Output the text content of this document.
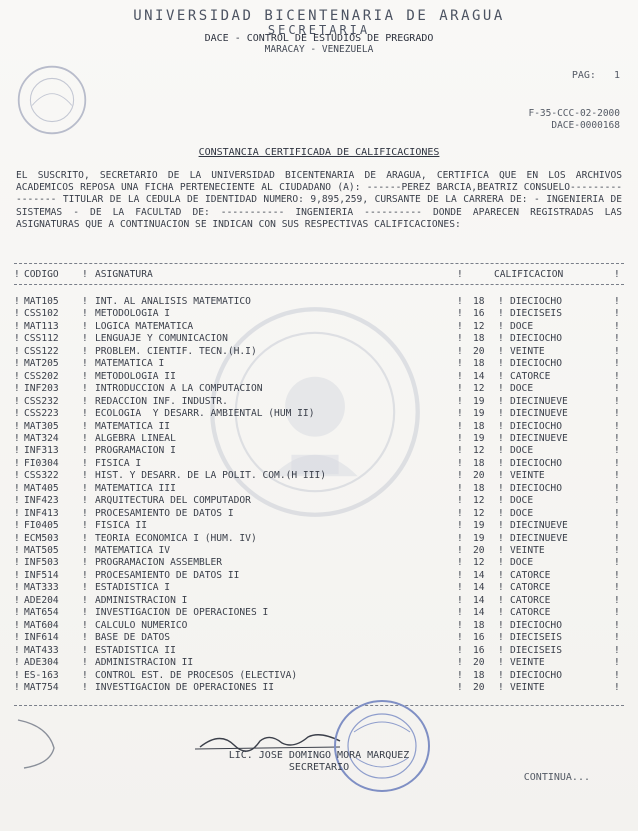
UNIVERSIDAD BICENTENARIA DE ARAGUA
SECRETARIA
DACE - CONTROL DE ESTUDIOS DE PREGRADO
MARACAY - VENEZUELA
PAG:   1
F-35-CCC-02-2000
DACE-0000168
CONSTANCIA CERTIFICADA DE CALIFICACIONES

EL SUSCRITO, SECRETARIO DE LA UNIVERSIDAD BICENTENARIA DE ARAGUA, CERTIFICA QUE EN LOS ARCHIVOS ACADEMICOS REPOSA UNA FICHA PERTENECIENTE AL CIUDADANO (A): ------PEREZ BARCIA,BEATRIZ CONSUELO---------------- TITULAR DE LA CEDULA DE IDENTIDAD NUMERO: 9,895,259, CURSANTE DE LA CARRERA DE: - INGENIERIA DE SISTEMAS - DE LA FACULTAD DE: ----------- INGENIERIA ---------- DONDE APARECEN REGISTRADAS LAS ASIGNATURAS QUE A CONTINUACION SE INDICAN CON SUS RESPECTIVAS CALIFICACIONES:

! CODIGO ! ASIGNATURA	!	CALIFICACION	!
! MAT105 ! INT. AL ANALISIS MATEMATICO	! 18 ! DIECIOCHO	!
! CSS102 ! METODOLOGIA I	! 16 ! DIECISEIS	!
! MAT113 ! LOGICA MATEMATICA	! 12 ! DOCE	!
! CSS112 ! LENGUAJE Y COMUNICACION	! 18 ! DIECIOCHO	!
! CSS122 ! PROBLEM. CIENTIF. TECN.(H.I)	! 20 ! VEINTE	!
! MAT205 ! MATEMATICA I	! 18 ! DIECIOCHO	!
! CSS202 ! METODOLOGIA II	! 14 ! CATORCE	!
! INF203 ! INTRODUCCION A LA COMPUTACION	! 12 ! DOCE	!
! CSS232 ! REDACCION INF. INDUSTR.	! 19 ! DIECINUEVE	!
! CSS223 ! ECOLOGIA  Y DESARR. AMBIENTAL (HUM II)	! 19 ! DIECINUEVE	!
! MAT305 ! MATEMATICA II	! 18 ! DIECIOCHO	!
! MAT324 ! ALGEBRA LINEAL	! 19 ! DIECINUEVE	!
! INF313 ! PROGRAMACION I	! 12 ! DOCE	!
! FI0304 ! FISICA I	! 18 ! DIECIOCHO	!
! CSS322 ! HIST. Y DESARR. DE LA POLIT. COM.(H III)	! 20 ! VEINTE	!
! MAT405 ! MATEMATICA III	! 18 ! DIECIOCHO	!
! INF423 ! ARQUITECTURA DEL COMPUTADOR	! 12 ! DOCE	!
! INF413 ! PROCESAMIENTO DE DATOS I	! 12 ! DOCE	!
! FI0405 ! FISICA II	! 19 ! DIECINUEVE	!
! ECM503 ! TEORIA ECONOMICA I (HUM. IV)	! 19 ! DIECINUEVE	!
! MAT505 ! MATEMATICA IV	! 20 ! VEINTE	!
! INF503 ! PROGRAMACION ASSEMBLER	! 12 ! DOCE	!
! INF514 ! PROCESAMIENTO DE DATOS II	! 14 ! CATORCE	!
! MAT333 ! ESTADISTICA I	! 14 ! CATORCE	!
! ADE204 ! ADMINISTRACION I	! 14 ! CATORCE	!
! MAT654 ! INVESTIGACION DE OPERACIONES I	! 14 ! CATORCE	!
! MAT604 ! CALCULO NUMERICO	! 18 ! DIECIOCHO	!
! INF614 ! BASE DE DATOS	! 16 ! DIECISEIS	!
! MAT433 ! ESTADISTICA II	! 16 ! DIECISEIS	!
! ADE304 ! ADMINISTRACION II	! 20 ! VEINTE	!
! ES-163 ! CONTROL EST. DE PROCESOS (ELECTIVA)	! 18 ! DIECIOCHO	!
! MAT754 ! INVESTIGACION DE OPERACIONES II	! 20 ! VEINTE	!
LIC. JOSE DOMINGO MORA MARQUEZ
SECRETARIO
CONTINUA...
